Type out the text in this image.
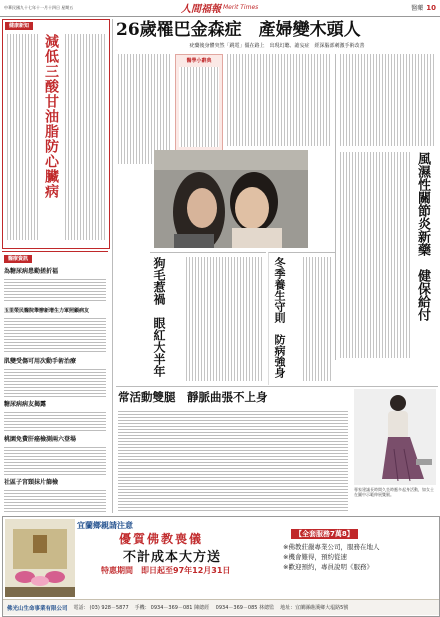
中華民國九十七年十一月十四日 星期五	人間福報 Merit Times	醫藥 10
健康新知
減低三酸甘油脂防心臟病
醫療資訊
為糖尿病患勤搓折福
玉里榮民醫院舉辦新增生力軍照顧病友
肌變受傷可用次動手術治療
糖尿病病友揭露
桃園免費肝癌檢測兩六登場
社區子宮頸抹片篩檢
26歲罹巴金森症　產婦變木頭人
疣藥後身體突然「跳電」僵在路上　出現幻聽、譫妄症　經深腦部刺激手術改善
醫學小辭典
風濕性關節炎新藥　健保給付
狗毛惹禍　眼紅大半年	冬季養生守則　防病強身
常活動雙腿　靜脈曲張不上身
專家建議長時間久坐時應多起身活動，如女士在圖中示範伸展雙腿。
宜蘭鄉親請注意
優質佛教喪儀
不計成本大方送
特惠期間　即日起至97年12月31日
【全套服務7萬8】
※佛教莊嚴專業公司，服務在地人
※機會難得，預約從速
※歡迎預約，專員說明《服務》
佛光山生命事業有限公司 電話： (03) 928－5877 手機： 0934－369－081 陳總經 　0934－369－085 林總監 地址：宜蘭縣礁溪鄉大塭路5號
